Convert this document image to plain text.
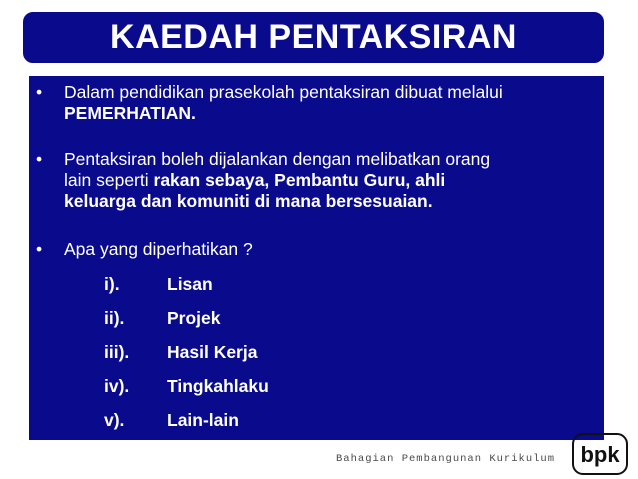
KAEDAH PENTAKSIRAN
• Dalam pendidikan prasekolah pentaksiran dibuat melalui
PEMERHATIAN.
• Pentaksiran boleh dijalankan dengan melibatkan orang
lain seperti rakan sebaya, Pembantu Guru, ahli
keluarga dan komuniti di mana bersesuaian.
• Apa yang diperhatikan ?
i).	Lisan
ii).	Projek
iii).	Hasil Kerja
iv).	Tingkahlaku
v).	Lain-lain
Bahagian Pembangunan Kurikulum bpk
